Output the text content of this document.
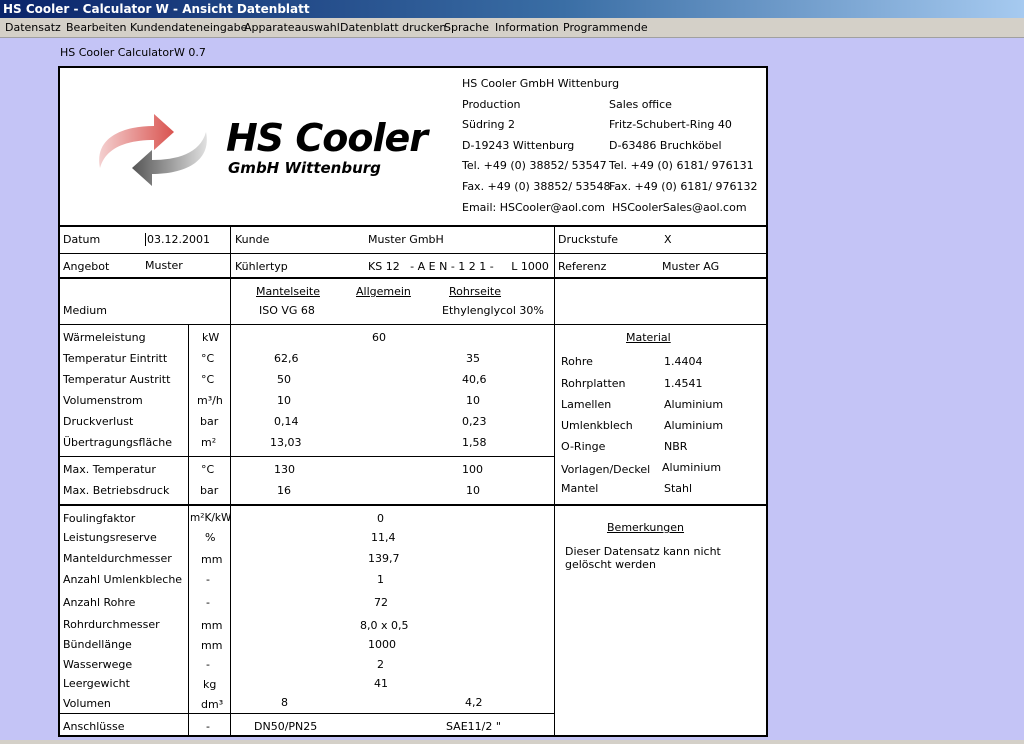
HS Cooler - Calculator W - Ansicht Datenblatt
Datensatz Bearbeiten Kundendateneingabe
Apparateauswahl Datenblatt drucken
Sprache Information Programmende
HS Cooler Calculator W 0.7
HS Cooler
GmbH Wittenburg
HS Cooler GmbH Wittenburg
Production
Südring 2
D-19243 Wittenburg
Tel. +49 (0) 38852/ 53547
Fax. +49 (0) 38852/ 53548
Email: HSCooler@aol.com
Sales office
Fritz-Schubert-Ring 40
D-63486 Bruchköbel
Tel. +49 (0) 6181/ 976131
Fax. +49 (0) 6181/ 976132
HSCoolerSales@aol.com
Datum	03.12.2001 Kunde	Muster GmbH	Druckstufe	X
Angebot	Muster	Kühlertyp	KS 12   - A E N - 1 2 1 -     L 1000 Referenz	Muster AG
Mantelseite	Allgemein	Rohrseite
Medium	ISO VG 68	Ethylenglycol 30%
Wärmeleistung	kW	60
Temperatur Eintritt	°C	62,6	35
Temperatur Austritt	°C	50	40,6
Volumenstrom	m³/h	10	10
Druckverlust	bar	0,14	0,23
Übertragungsfläche	m²	13,03	1,58
Max. Temperatur	°C	130	100
Max. Betriebsdruck	bar	16	10
Material
Rohre	1.4404
Rohrplatten	1.4541
Lamellen	Aluminium
Umlenkblech	Aluminium
O-Ringe	NBR
Vorlagen/Deckel Aluminium
Mantel	Stahl
Foulingfaktor	m²K/kW	0
Leistungsreserve	%	11,4
Manteldurchmesser	mm	139,7
Anzahl Umlenkbleche -	1
Anzahl Rohre	-	72
Rohrdurchmesser	mm	8,0 x 0,5
Bündellänge	mm	1000
Wasserwege	-	2
Leergewicht	kg	41
Volumen	dm³	8	4,2
Anschlüsse	-	DN50/PN25	SAE11/2 "
Bemerkungen
Dieser Datensatz kann nicht gelöscht werden
